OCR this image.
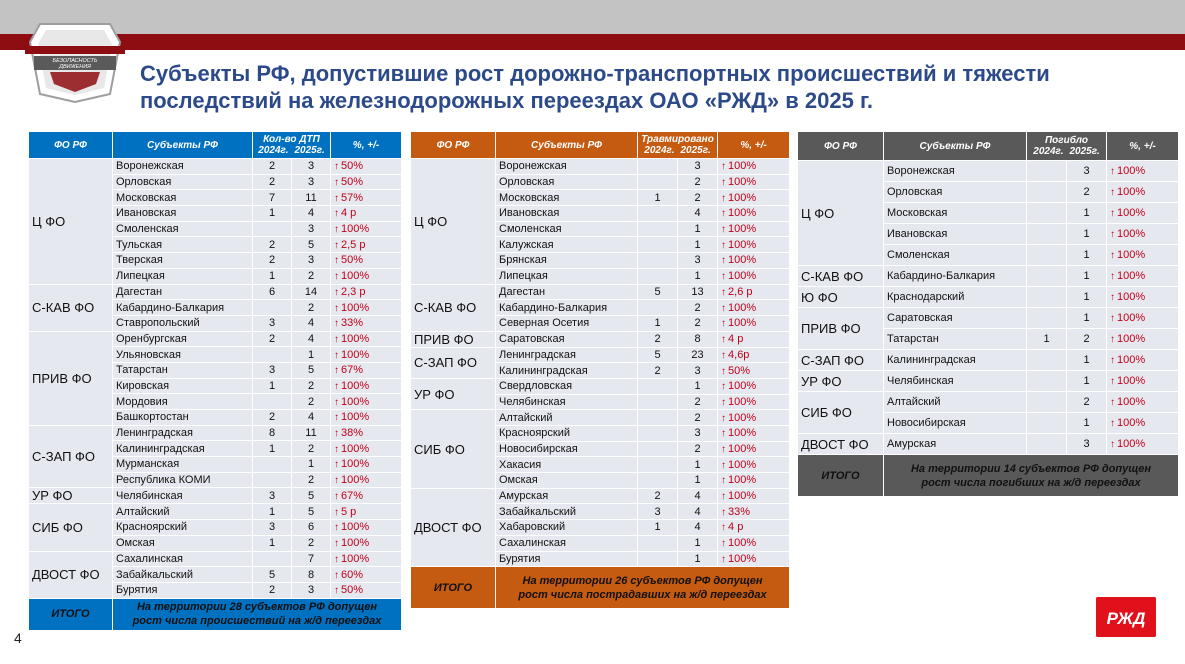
БЕЗОПАСНОСТЬ
ДВИЖЕНИЯ Субъекты РФ, допустившие рост дорожно-транспортных происшествий и тяжести
последствий на железнодорожных переездах ОАО «РЖД» в 2025 г.
ФО РФ	Субъекты РФ	Кол-во ДТП
2024г. 2025г.		%, +/-
Ц ФО	Воронежская	2	3	↑ 50%
	Орловская	2	3	↑ 50%
	Московская	7	11	↑ 57%
	Ивановская	1	4	↑ 4 р
	Смоленская		3	↑ 100%
	Тульская	2	5	↑ 2,5 р
	Тверская	2	3	↑ 50%
	Липецкая	1	2	↑ 100%
С-КАВ ФО	Дагестан	6	14	↑ 2,3 р
	Кабардино-Балкария		2	↑ 100%
	Ставропольский	3	4	↑ 33%
ПРИВ ФО	Оренбургская	2	4	↑ 100%
	Ульяновская		1	↑ 100%
	Татарстан	3	5	↑ 67%
	Кировская	1	2	↑ 100%
	Мордовия		2	↑ 100%
	Башкортостан	2	4	↑ 100%
С-ЗАП ФО	Ленинградская	8	11	↑ 38%
	Калининградская	1	2	↑ 100%
	Мурманская		1	↑ 100%
	Республика КОМИ		2	↑ 100%
УР ФО	Челябинская	3	5	↑ 67%
СИБ ФО	Алтайский	1	5	↑ 5 р
	Красноярский	3	6	↑ 100%
	Омская	1	2	↑ 100%
ДВОСТ ФО	Сахалинская		7	↑ 100%
	Забайкальский	5	8	↑ 60%
	Бурятия	2	3	↑ 50%
ИТОГО	На территории 28 субъектов РФ допущен
рост числа происшествий на ж/д переездах			
ФО РФ	Субъекты РФ	Травмировано
2024г. 2025г.		%, +/-
Ц ФО	Воронежская		3	↑ 100%
	Орловская		2	↑ 100%
	Московская	1	2	↑ 100%
	Ивановская		4	↑ 100%
	Смоленская		1	↑ 100%
	Калужская		1	↑ 100%
	Брянская		3	↑ 100%
	Липецкая		1	↑ 100%
С-КАВ ФО	Дагестан	5	13	↑ 2,6 р
	Кабардино-Балкария		2	↑ 100%
	Северная Осетия	1	2	↑ 100%
ПРИВ ФО	Саратовская	2	8	↑ 4 р
С-ЗАП ФО	Ленинградская	5	23	↑ 4,6р
	Калининградская	2	3	↑ 50%
УР ФО	Свердловская		1	↑ 100%
	Челябинская		2	↑ 100%
СИБ ФО	Алтайский		2	↑ 100%
	Красноярский		3	↑ 100%
	Новосибирская		2	↑ 100%
	Хакасия		1	↑ 100%
	Омская		1	↑ 100%
ДВОСТ ФО	Амурская	2	4	↑ 100%
	Забайкальский	3	4	↑ 33%
	Хабаровский	1	4	↑ 4 р
	Сахалинская		1	↑ 100%
	Бурятия		1	↑ 100%
ИТОГО	На территории 26 субъектов РФ допущен
рост числа пострадавших на ж/д переездах			
ФО РФ	Субъекты РФ	Погибло
2024г. 2025г.		%, +/-
Ц ФО	Воронежская		3	↑ 100%
	Орловская		2	↑ 100%
	Московская		1	↑ 100%
	Ивановская		1	↑ 100%
	Смоленская		1	↑ 100%
С-КАВ ФО	Кабардино-Балкария		1	↑ 100%
Ю ФО	Краснодарский		1	↑ 100%
ПРИВ ФО	Саратовская		1	↑ 100%
	Татарстан	1	2	↑ 100%
С-ЗАП ФО	Калининградская		1	↑ 100%
УР ФО	Челябинская		1	↑ 100%
СИБ ФО	Алтайский		2	↑ 100%
	Новосибирская		1	↑ 100%
ДВОСТ ФО	Амурская		3	↑ 100%
ИТОГО	На территории 14 субъектов РФ допущен
рост числа погибших на ж/д переездах			
4
РЖД
